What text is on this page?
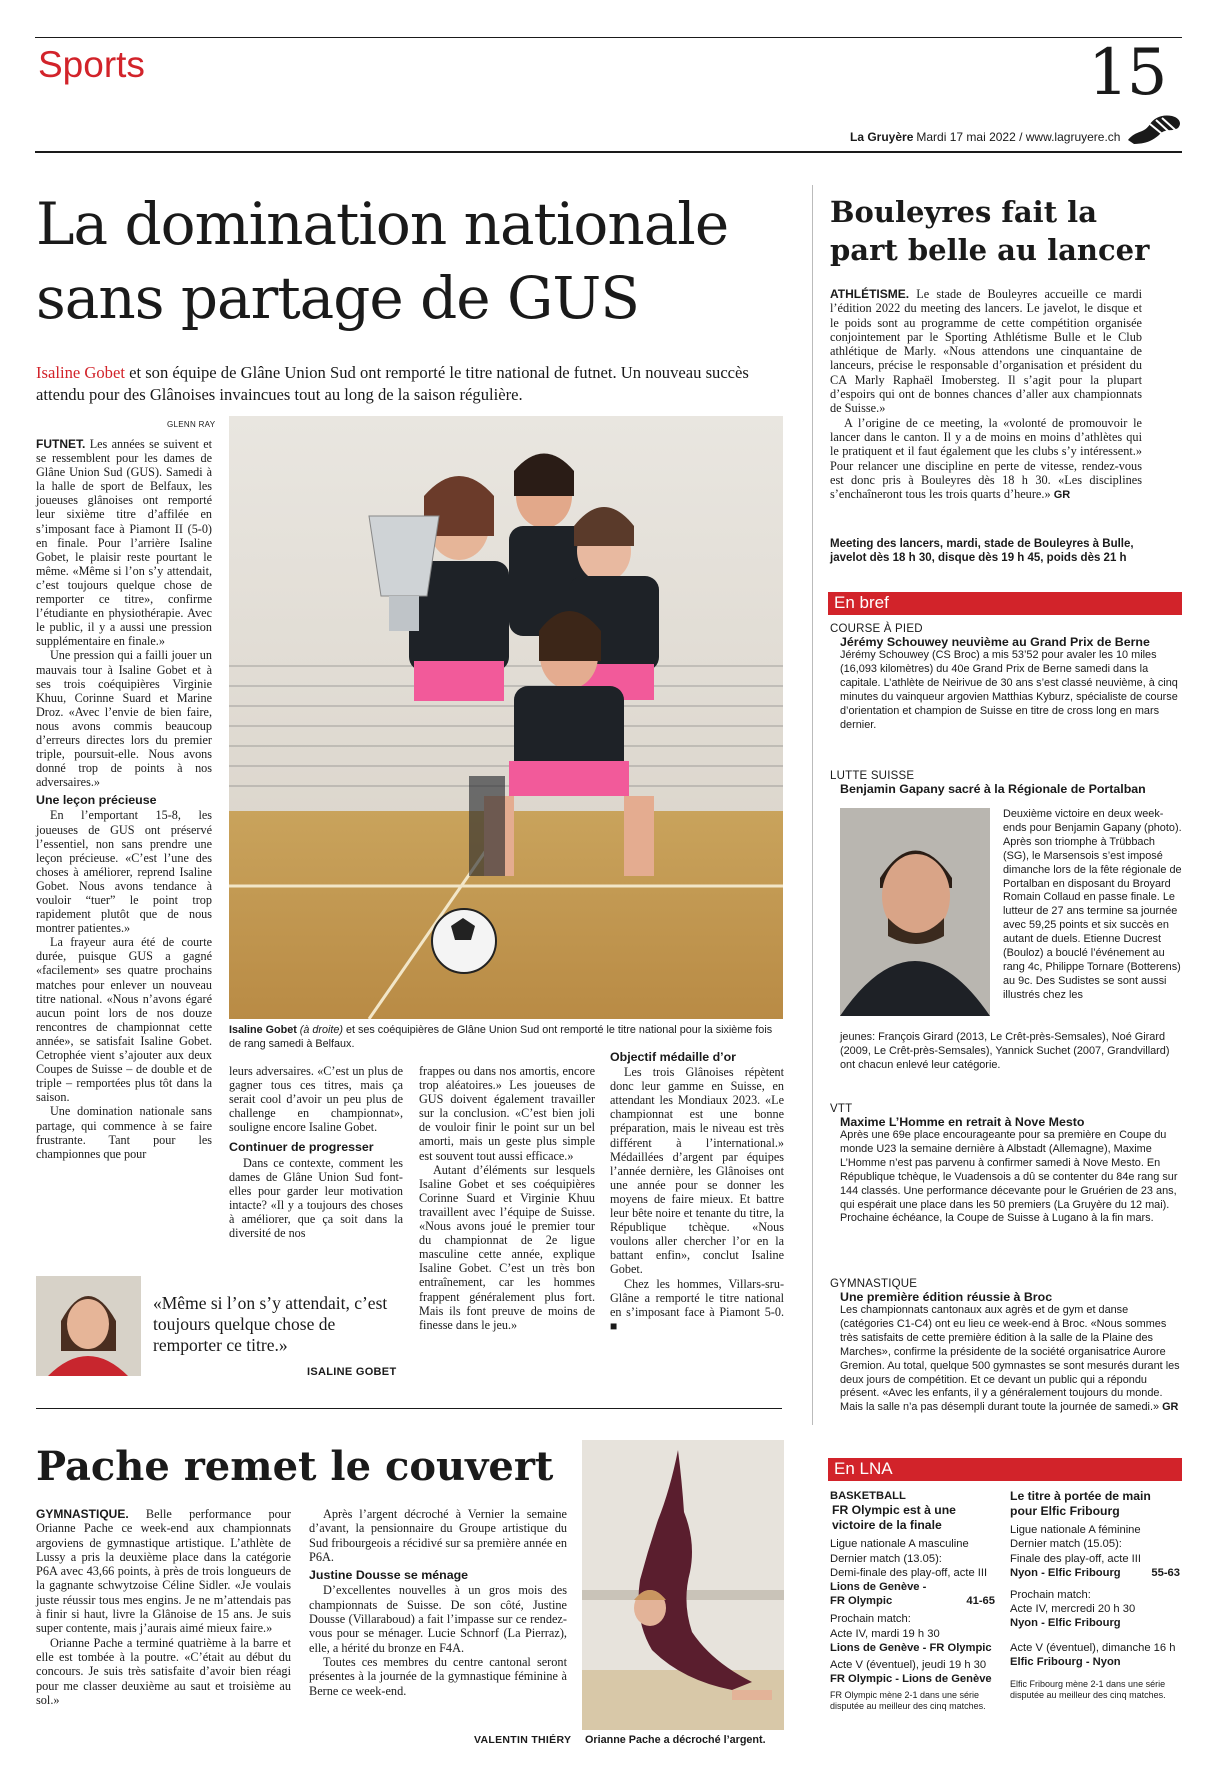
Sports	15
La Gruyère Mardi 17 mai 2022 / www.lagruyere.ch
La domination nationale
sans partage de GUS
Isaline Gobet et son équipe de Glâne Union Sud ont remporté le titre national de futnet. Un nouveau succès attendu pour des Glânoises invaincues tout au long de la saison régulière.
GLENN RAY

FUTNET. Les années se suivent et se ressemblent pour les dames de Glâne Union Sud (GUS). Samedi à la halle de sport de Belfaux, les joueuses glânoises ont remporté leur sixième titre d’affilée en s’imposant face à Piamont II (5-0) en finale. Pour l’arrière Isaline Gobet, le plaisir reste pourtant le même. «Même si l’on s’y attendait, c’est toujours quelque chose de remporter ce titre», confirme l’étudiante en physiothérapie. Avec le public, il y a aussi une pression supplémentaire en finale.»

Une pression qui a failli jouer un mauvais tour à Isaline Gobet et à ses trois coéquipières Virginie Khuu, Corinne Suard et Marine Droz. «Avec l’envie de bien faire, nous avons commis beaucoup d’erreurs directes lors du premier triple, poursuit-elle. Nous avons donné trop de points à nos adversaires.»

Une leçon précieuse

En l’emportant 15-8, les joueuses de GUS ont préservé l’essentiel, non sans prendre une leçon précieuse. «C’est l’une des choses à améliorer, reprend Isaline Gobet. Nous avons tendance à vouloir “tuer” le point trop rapidement plutôt que de nous montrer patientes.»

La frayeur aura été de courte durée, puisque GUS a gagné «facilement» ses quatre prochains matches pour enlever un nouveau titre national. «Nous n’avons égaré aucun point lors de nos douze rencontres de championnat cette année», se satisfait Isaline Gobet. Cetrophée vient s’ajouter aux deux Coupes de Suisse – de double et de triple – remportées plus tôt dans la saison.

Une domination nationale sans partage, qui commence à se faire frustrante. Tant pour les championnes que pour

Isaline Gobet (à droite) et ses coéquipières de Glâne Union Sud ont remporté le titre national pour la sixième fois de rang samedi à Belfaux.

leurs adversaires. «C’est un plus de gagner tous ces titres, mais ça serait cool d’avoir un peu plus de challenge en championnat», souligne encore Isaline Gobet.

Continuer de progresser

Dans ce contexte, comment les dames de Glâne Union Sud font-elles pour garder leur motivation intacte? «Il y a toujours des choses à améliorer, que ça soit dans la diversité de nos

frappes ou dans nos amortis, encore trop aléatoires.» Les joueuses de GUS doivent également travailler sur la conclusion. «C’est bien joli de vouloir finir le point sur un bel amorti, mais un geste plus simple est souvent tout aussi efficace.»

Autant d’éléments sur lesquels Isaline Gobet et ses coéquipières Corinne Suard et Virginie Khuu travaillent avec l’équipe de Suisse. «Nous avons joué le premier tour du championnat de 2e ligue masculine cette année, explique Isaline Gobet. C’est un très bon entraînement, car les hommes frappent généralement plus fort. Mais ils font preuve de moins de finesse dans le jeu.»

Objectif médaille d’or

Les trois Glânoises répètent donc leur gamme en Suisse, en attendant les Mondiaux 2023. «Le championnat est une bonne préparation, mais le niveau est très différent à l’international.» Médaillées d’argent par équipes l’année dernière, les Glânoises ont une année pour se donner les moyens de faire mieux. Et battre leur bête noire et tenante du titre, la République tchèque. «Nous voulons aller chercher l’or en la battant enfin», conclut Isaline Gobet.

Chez les hommes, Villars-sru-Glâne a remporté le titre national en s’imposant face à Piamont 5-0. ■

«Même si l’on s’y attendait, c’est toujours quelque chose de remporter ce titre.»
ISALINE GOBET
Bouleyres fait la
part belle au lancer

ATHLÉTISME. Le stade de Bouleyres accueille ce mardi l’édition 2022 du meeting des lancers. Le javelot, le disque et le poids sont au programme de cette compétition organisée conjointement par le Sporting Athlétisme Bulle et le Club athlétique de Marly. «Nous attendons une cinquantaine de lanceurs, précise le responsable d’organisation et président du CA Marly Raphaël Imobersteg. Il s’agit pour la plupart d’espoirs qui ont de bonnes chances d’aller aux championnats de Suisse.»

A l’origine de ce meeting, la «volonté de promouvoir le lancer dans le canton. Il y a de moins en moins d’athlètes qui le pratiquent et il faut également que les clubs s’y intéressent.» Pour relancer une discipline en perte de vitesse, rendez-vous est donc pris à Bouleyres dès 18 h 30. «Les disciplines s’enchaîneront tous les trois quarts d’heure.» GR

Meeting des lancers, mardi, stade de Bouleyres à Bulle, javelot dès 18 h 30, disque dès 19 h 45, poids dès 21 h
En bref
COURSE À PIED
Jérémy Schouwey neuvième au Grand Prix de Berne
Jérémy Schouwey (CS Broc) a mis 53’52 pour avaler les 10 miles (16,093 kilomètres) du 40e Grand Prix de Berne samedi dans la capitale. L’athlète de Neirivue de 30 ans s’est classé neuvième, à cinq minutes du vainqueur argovien Matthias Kyburz, spécialiste de course d’orientation et champion de Suisse en titre de cross long en mars dernier.
LUTTE SUISSE
Benjamin Gapany sacré à la Régionale de Portalban
Deuxième victoire en deux week-ends pour Benjamin Gapany (photo). Après son triomphe à Trübbach (SG), le Marsensois s’est imposé dimanche lors de la fête régionale de Portalban en disposant du Broyard Romain Collaud en passe finale. Le lutteur de 27 ans termine sa journée avec 59,25 points et six succès en autant de duels. Etienne Ducrest (Bouloz) a bouclé l’événement au rang 4c, Philippe Tornare (Botterens) au 9c. Des Sudistes se sont aussi illustrés chez les
jeunes: François Girard (2013, Le Crêt-près-Semsales), Noé Girard (2009, Le Crêt-près-Semsales), Yannick Suchet (2007, Grandvillard) ont chacun enlevé leur catégorie.
VTT
Maxime L’Homme en retrait à Nove Mesto
Après une 69e place encourageante pour sa première en Coupe du monde U23 la semaine dernière à Albstadt (Allemagne), Maxime L’Homme n’est pas parvenu à confirmer samedi à Nove Mesto. En République tchèque, le Vuadensois a dû se contenter du 84e rang sur 144 classés. Une performance décevante pour le Gruérien de 23 ans, qui espérait une place dans les 50 premiers (La Gruyère du 12 mai). Prochaine échéance, la Coupe de Suisse à Lugano à la fin mars.
GYMNASTIQUE
Une première édition réussie à Broc
Les championnats cantonaux aux agrès et de gym et danse (catégories C1-C4) ont eu lieu ce week-end à Broc. «Nous sommes très satisfaits de cette première édition à la salle de la Plaine des Marches», confirme la présidente de la société organisatrice Aurore Gremion. Au total, quelque 500 gymnastes se sont mesurés durant les deux jours de compétition. Et ce devant un public qui a répondu présent. «Avec les enfants, il y a généralement toujours du monde. Mais la salle n’a pas désempli durant toute la journée de samedi.» GR
Pache remet le couvert

GYMNASTIQUE. Belle performance pour Orianne Pache ce week-end aux championnats argoviens de gymnastique artistique. L’athlète de Lussy a pris la deuxième place dans la catégorie P6A avec 43,66 points, à près de trois longueurs de la gagnante schwytzoise Céline Sidler. «Je voulais juste réussir tous mes engins. Je ne m’attendais pas à finir si haut, livre la Glânoise de 15 ans. Je suis super contente, mais j’aurais aimé mieux faire.»

Orianne Pache a terminé quatrième à la barre et elle est tombée à la poutre. «C’était au début du concours. Je suis très satisfaite d’avoir bien réagi pour me classer deuxième au saut et troisième au sol.»

Après l’argent décroché à Vernier la semaine d’avant, la pensionnaire du Groupe artistique du Sud fribourgeois a récidivé sur sa première année en P6A.

Justine Dousse se ménage

D’excellentes nouvelles à un gros mois des championnats de Suisse. De son côté, Justine Dousse (Villaraboud) a fait l’impasse sur ce rendez-vous pour se ménager. Lucie Schnorf (La Pierraz), elle, a hérité du bronze en F4A.

Toutes ces membres du centre cantonal seront présentes à la journée de la gymnastique féminine à Berne ce week-end.

VALENTIN THIÉRY Orianne Pache a décroché l’argent.
En LNA
BASKETBALL
FR Olympic est à une victoire de la finale
Ligue nationale A masculine
Dernier match (13.05):
Demi-finale des play-off, acte III
Lions de Genève -
FR Olympic	41-65
Prochain match:
Acte IV, mardi 19 h 30
Lions de Genève - FR Olympic
Acte V (éventuel), jeudi 19 h 30
FR Olympic - Lions de Genève
FR Olympic mène 2-1 dans une série disputée au meilleur des cinq matches.
Le titre à portée de main pour Elfic Fribourg
Ligue nationale A féminine
Dernier match (15.05):
Finale des play-off, acte III
Nyon - Elfic Fribourg	55-63
Prochain match:
Acte IV, mercredi 20 h 30
Nyon - Elfic Fribourg
Acte V (éventuel), dimanche 16 h
Elfic Fribourg - Nyon
Elfic Fribourg mène 2-1 dans une série disputée au meilleur des cinq matches.
